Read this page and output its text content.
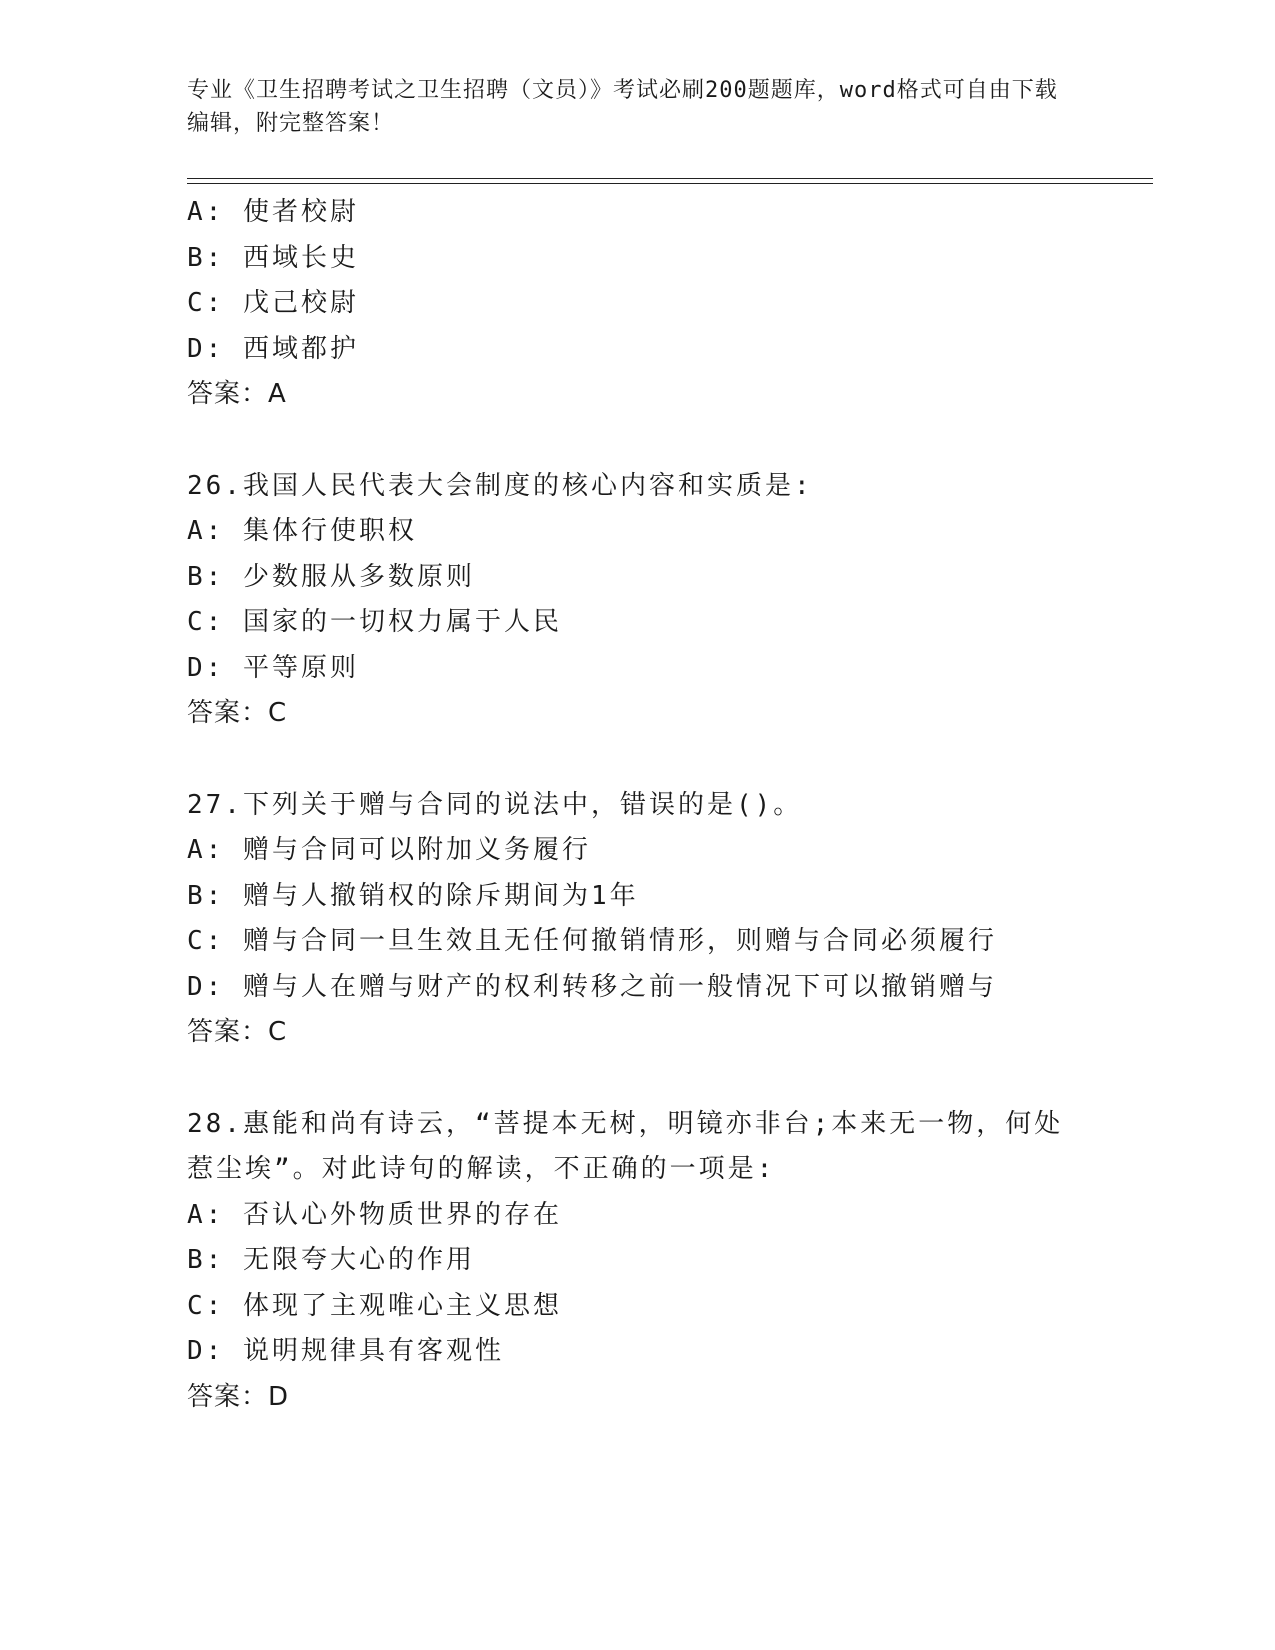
专业《卫生招聘考试之卫生招聘（文员）》考试必刷200题题库，word格式可自由下载编辑，附完整答案！
A: 使者校尉
B: 西域长史
C: 戊己校尉
D: 西域都护
答案：A
26.我国人民代表大会制度的核心内容和实质是:
A: 集体行使职权
B: 少数服从多数原则
C: 国家的一切权力属于人民
D: 平等原则
答案：C
27.下列关于赠与合同的说法中，错误的是()。
A: 赠与合同可以附加义务履行
B: 赠与人撤销权的除斥期间为1年
C: 赠与合同一旦生效且无任何撤销情形，则赠与合同必须履行
D: 赠与人在赠与财产的权利转移之前一般情况下可以撤销赠与
答案：C
28.惠能和尚有诗云，“菩提本无树，明镜亦非台;本来无一物，何处惹尘埃”。对此诗句的解读，不正确的一项是:
A: 否认心外物质世界的存在
B: 无限夸大心的作用
C: 体现了主观唯心主义思想
D: 说明规律具有客观性
答案：D
